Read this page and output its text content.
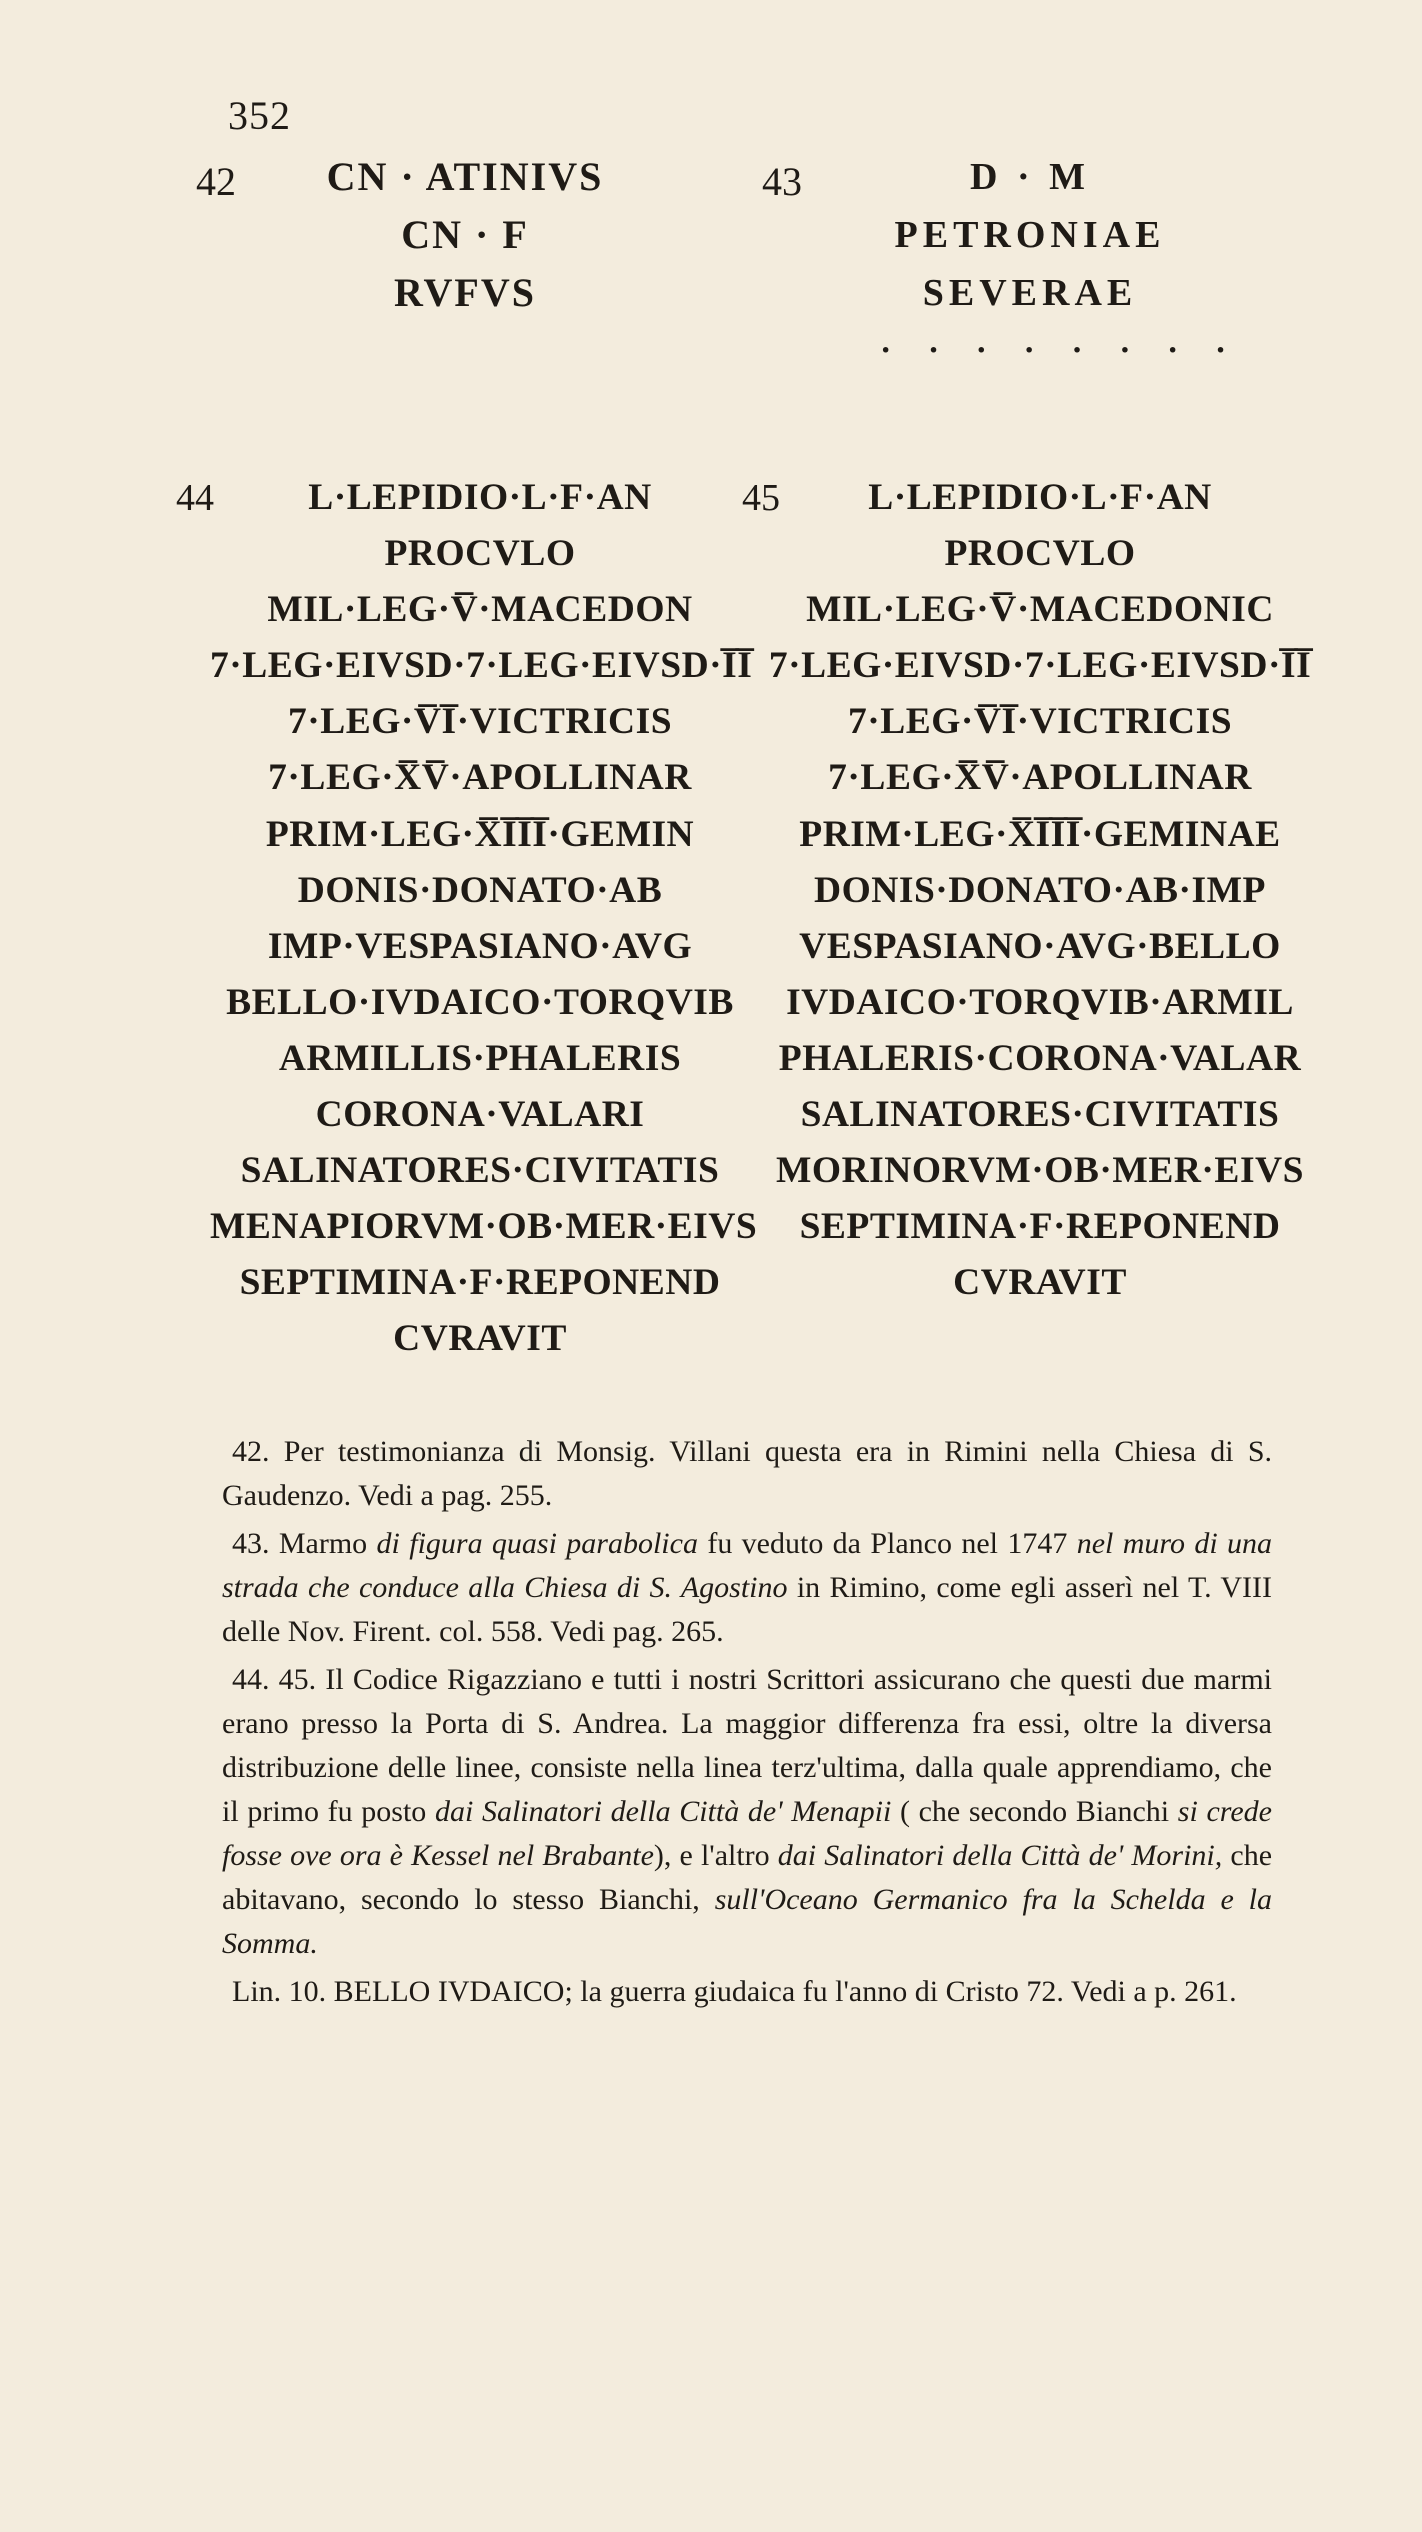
352
42 CN · ATINIVS
CN · F
RVFVS
43	D · M
PETRONIAE
SEVERAE
· · · · · · · ·
44	L·LEPIDIO·L·F·AN
PROCVLO
MIL·LEG·V̅·MACEDON
7·LEG·EIVSD·7·LEG·EIVSD·I̅I̅
7·LEG·V̅I̅·VICTRICIS
7·LEG·X̅V̅·APOLLINAR
PRIM·LEG·X̅I̅I̅I̅·GEMIN
DONIS·DONATO·AB
IMP·VESPASIANO·AVG
BELLO·IVDAICO·TORQVIB
ARMILLIS·PHALERIS
CORONA·VALARI
SALINATORES·CIVITATIS
MENAPIORVM·OB·MER·EIVS
SEPTIMINA·F·REPONEND
CVRAVIT
45	L·LEPIDIO·L·F·AN
PROCVLO
MIL·LEG·V̅·MACEDONIC
7·LEG·EIVSD·7·LEG·EIVSD·I̅I̅
7·LEG·V̅I̅·VICTRICIS
7·LEG·X̅V̅·APOLLINAR
PRIM·LEG·X̅I̅I̅I̅·GEMINAE
DONIS·DONATO·AB·IMP
VESPASIANO·AVG·BELLO
IVDAICO·TORQVIB·ARMIL
PHALERIS·CORONA·VALAR
SALINATORES·CIVITATIS
MORINORVM·OB·MER·EIVS
SEPTIMINA·F·REPONEND
CVRAVIT

42. Per testimonianza di Monsig. Villani questa era in Rimini nella Chiesa di S. Gaudenzo. Vedi a pag. 255.

43. Marmo di figura quasi parabolica fu veduto da Planco nel 1747 nel muro di una strada che conduce alla Chiesa di S. Agostino in Rimino, come egli asserì nel T. VIII delle Nov. Firent. col. 558. Vedi pag. 265.

44. 45. Il Codice Rigazziano e tutti i nostri Scrittori assicurano che questi due marmi erano presso la Porta di S. Andrea. La maggior differenza fra essi, oltre la diversa distribuzione delle linee, consiste nella linea terz'ultima, dalla quale apprendiamo, che il primo fu posto dai Salinatori della Città de' Menapii ( che secondo Bianchi si crede fosse ove ora è Kessel nel Brabante), e l'altro dai Salinatori della Città de' Morini, che abitavano, secondo lo stesso Bianchi, sull'Oceano Germanico fra la Schelda e la Somma.

Lin. 10. BELLO IVDAICO; la guerra giudaica fu l'anno di Cristo 72. Vedi a p. 261.
